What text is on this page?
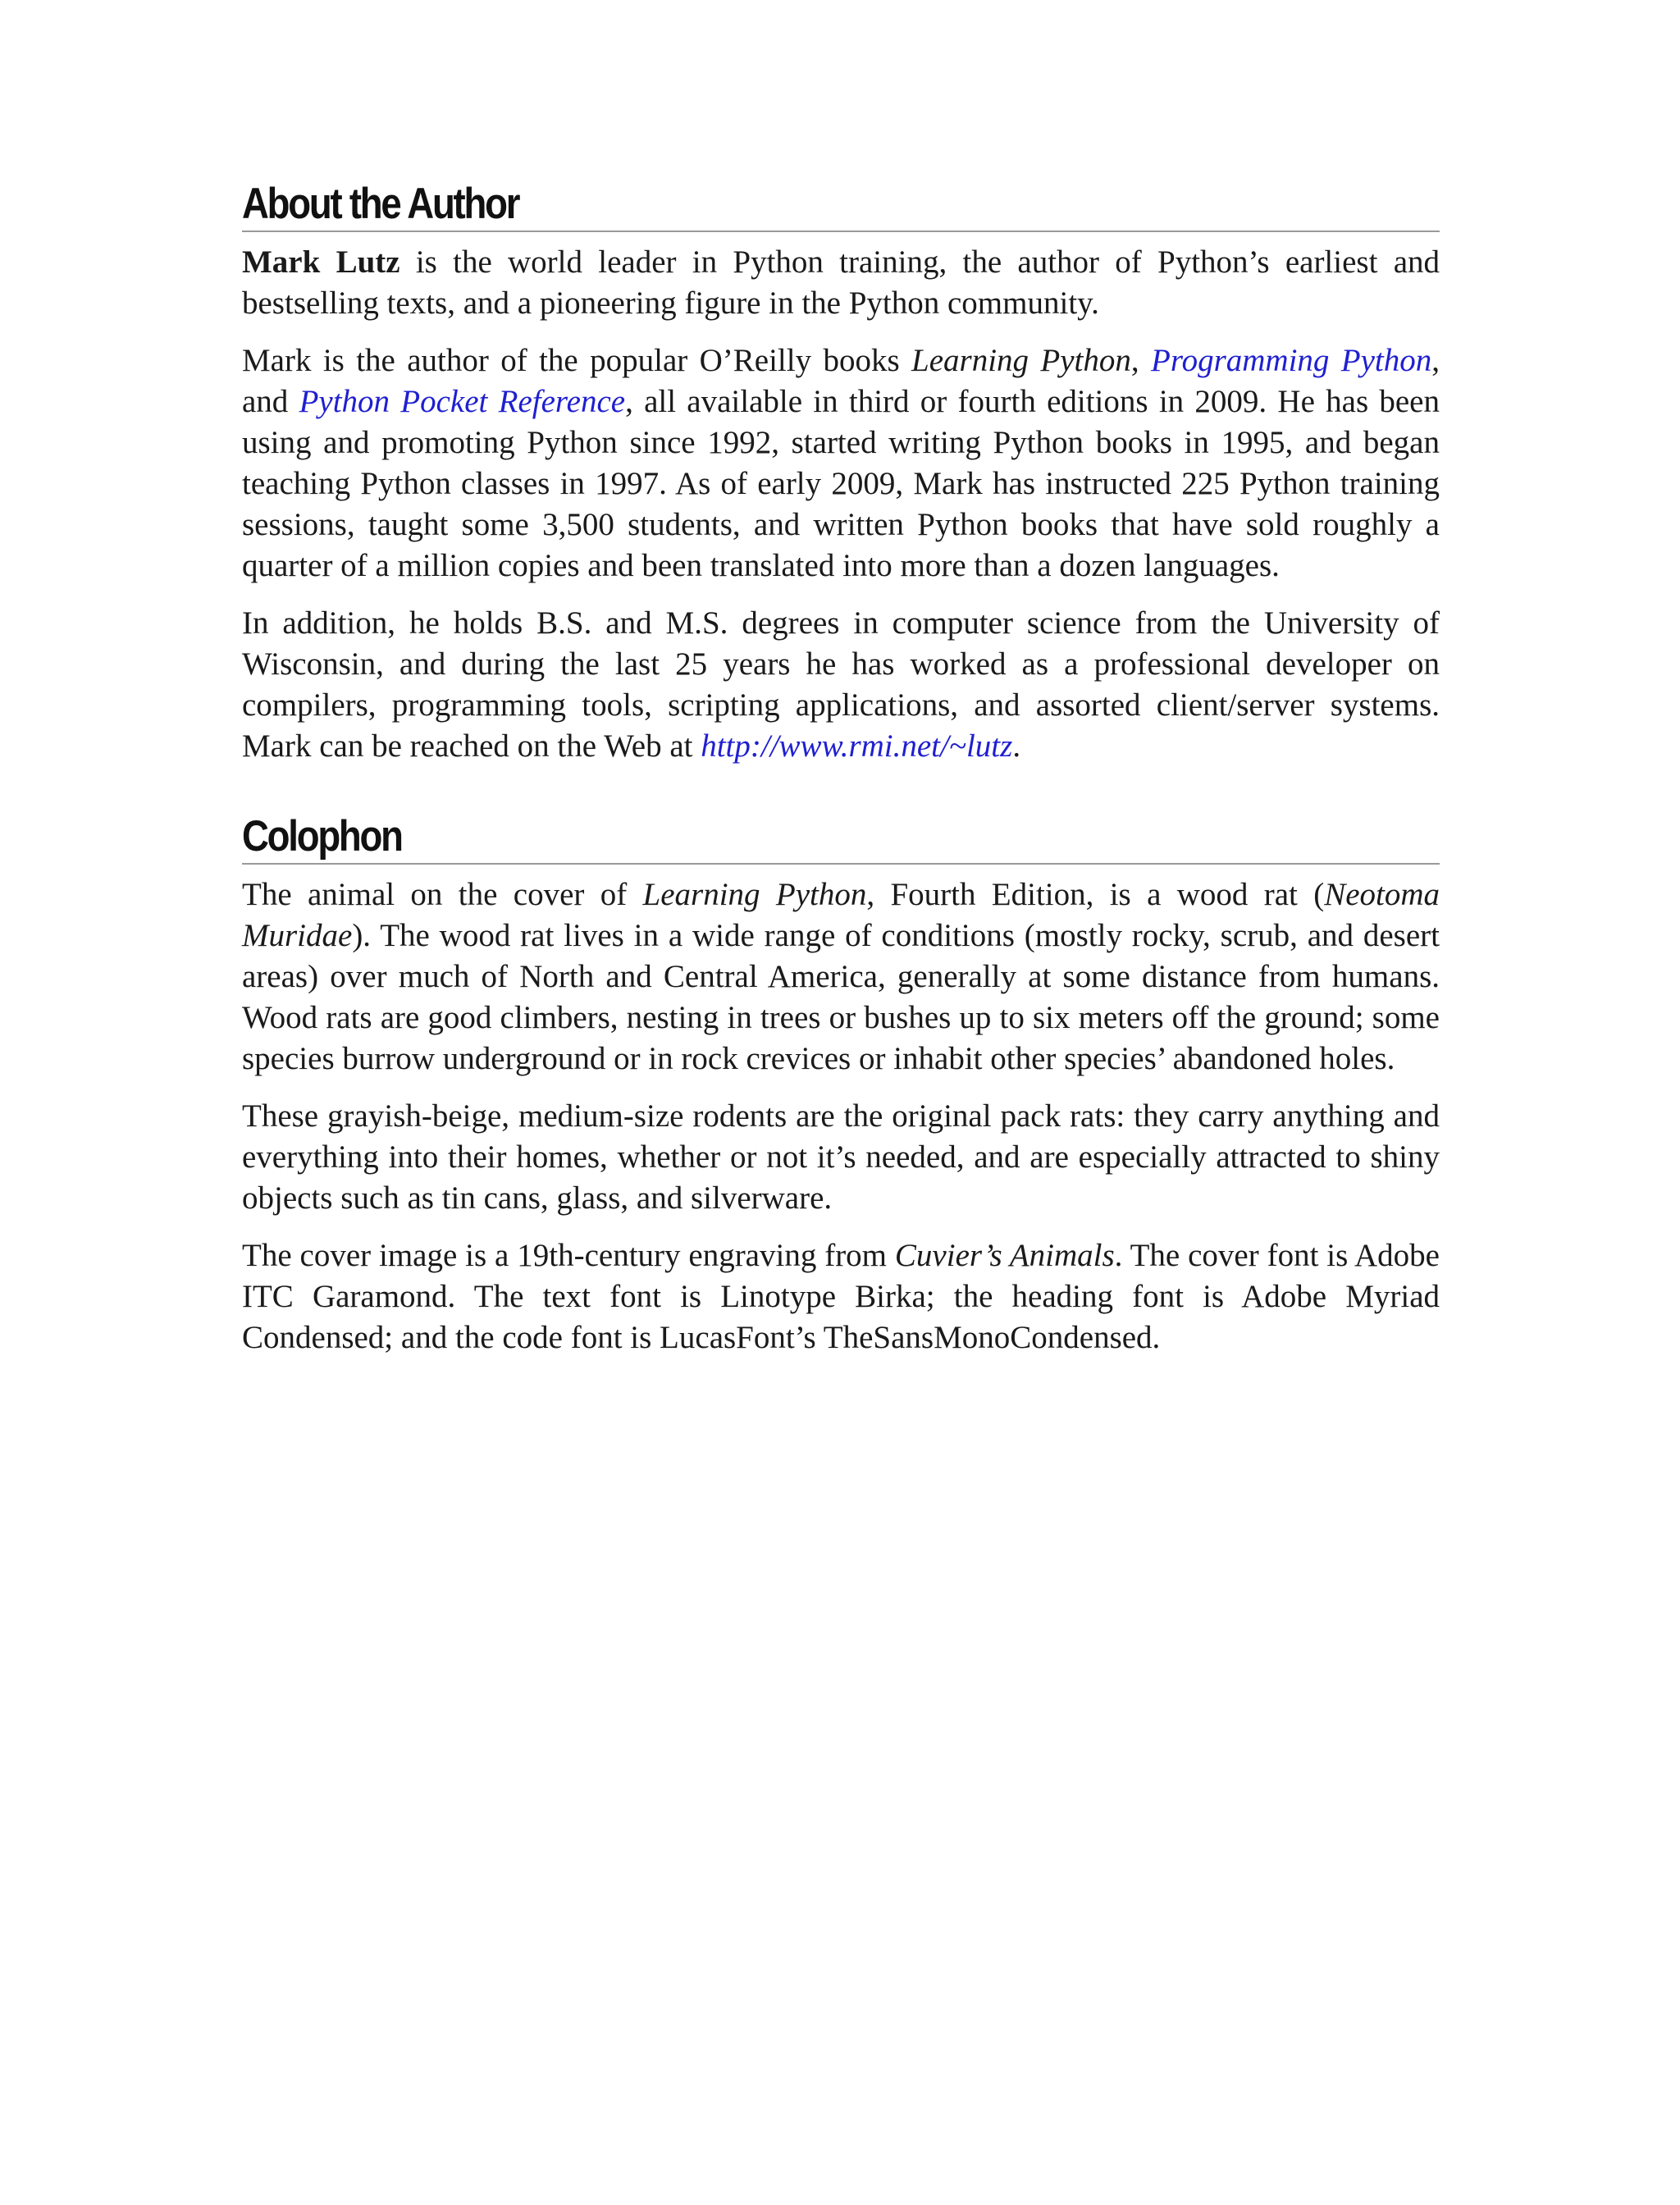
About the Author

Mark Lutz is the world leader in Python training, the author of Python’s earliest and bestselling texts, and a pioneering figure in the Python community.

Mark is the author of the popular O’Reilly books Learning Python, Programming Python, and Python Pocket Reference, all available in third or fourth editions in 2009. He has been using and promoting Python since 1992, started writing Python books in 1995, and began teaching Python classes in 1997. As of early 2009, Mark has instructed 225 Python training sessions, taught some 3,500 students, and written Python books that have sold roughly a quarter of a million copies and been translated into more than a dozen languages.

In addition, he holds B.S. and M.S. degrees in computer science from the University of Wisconsin, and during the last 25 years he has worked as a professional developer on compilers, programming tools, scripting applications, and assorted client/server systems. Mark can be reached on the Web at http://www.rmi.net/~lutz.

Colophon

The animal on the cover of Learning Python, Fourth Edition, is a wood rat (Neotoma Muridae). The wood rat lives in a wide range of conditions (mostly rocky, scrub, and desert areas) over much of North and Central America, generally at some distance from humans. Wood rats are good climbers, nesting in trees or bushes up to six meters off the ground; some species burrow underground or in rock crevices or inhabit other species’ abandoned holes.

These grayish-beige, medium-size rodents are the original pack rats: they carry anything and everything into their homes, whether or not it’s needed, and are especially attracted to shiny objects such as tin cans, glass, and silverware.

The cover image is a 19th-century engraving from Cuvier’s Animals. The cover font is Adobe ITC Garamond. The text font is Linotype Birka; the heading font is Adobe Myriad Condensed; and the code font is LucasFont’s TheSansMonoCondensed.
